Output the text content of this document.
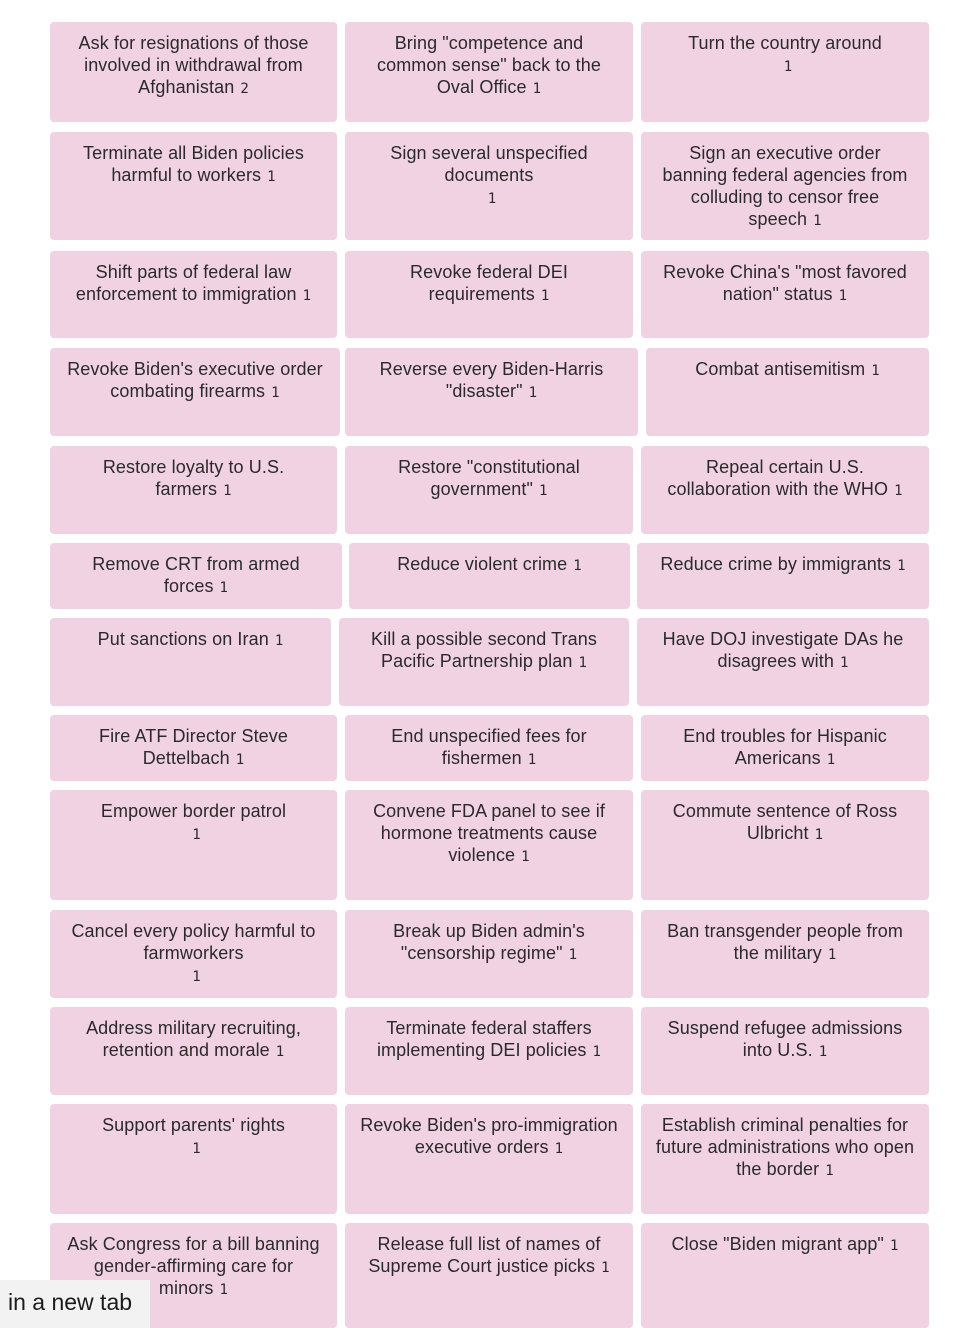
Ask for resignations of those involved in withdrawal from Afghanistan 2
Bring "competence and common sense" back to the Oval Office 1
Turn the country around
1
Terminate all Biden policies harmful to workers 1
Sign several unspecified documents
1
Sign an executive order banning federal agencies from colluding to censor free speech 1
Shift parts of federal law enforcement to immigration 1
Revoke federal DEI requirements 1
Revoke China's "most favored nation" status 1
Revoke Biden's executive order combating firearms 1
Reverse every Biden-Harris "disaster" 1
Combat antisemitism 1
Restore loyalty to U.S. farmers 1
Restore "constitutional government" 1
Repeal certain U.S. collaboration with the WHO 1
Remove CRT from armed forces 1
Reduce violent crime 1	Reduce crime by immigrants 1
Put sanctions on Iran 1	Kill a possible second Trans Pacific Partnership plan 1
Have DOJ investigate DAs he disagrees with 1
Fire ATF Director Steve Dettelbach 1
End unspecified fees for fishermen 1
End troubles for Hispanic Americans 1
Empower border patrol
1
Convene FDA panel to see if hormone treatments cause violence 1
Commute sentence of Ross Ulbricht 1
Cancel every policy harmful to farmworkers
1
Break up Biden admin's "censorship regime" 1
Ban transgender people from the military 1
Address military recruiting, retention and morale 1
Terminate federal staffers implementing DEI policies 1
Suspend refugee admissions into U.S. 1
Support parents' rights
1
Revoke Biden's pro-immigration executive orders 1
Establish criminal penalties for future administrations who open the border 1
Ask Congress for a bill banning gender-affirming care for minors 1
Release full list of names of Supreme Court justice picks 1
Close "Biden migrant app" 1
in a new tab
